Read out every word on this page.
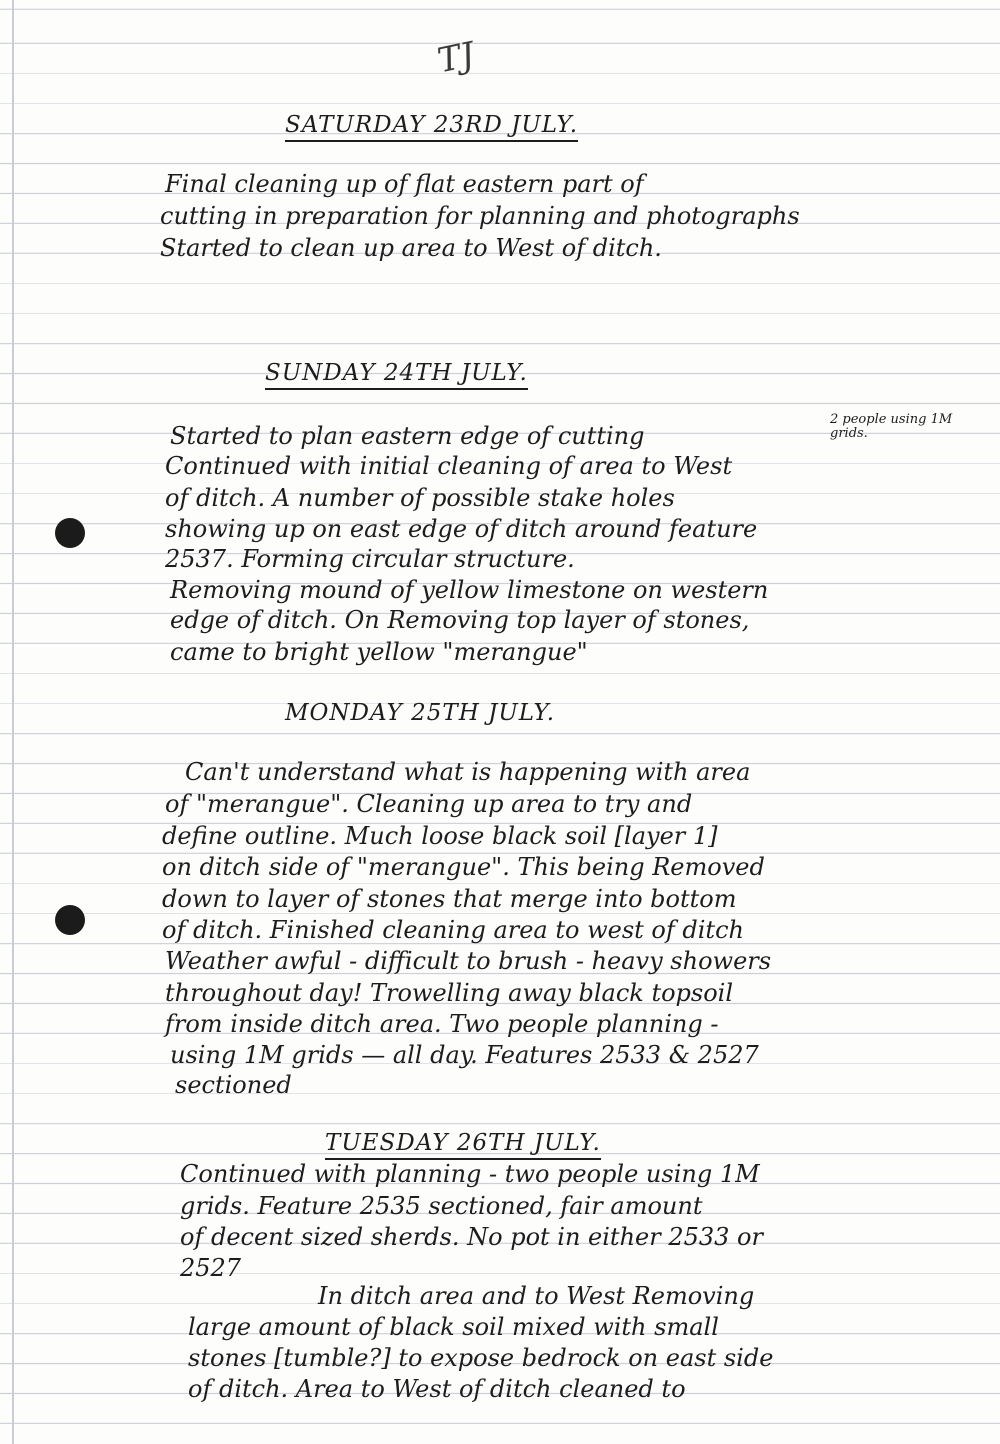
TJ
SATURDAY 23RD JULY.
Final cleaning up of flat eastern part of
cutting in preparation for planning and photographs
Started to clean up area to West of ditch.
SUNDAY 24TH JULY.
2 people using 1M grids.
Started to plan eastern edge of cutting
Continued with initial cleaning of area to West
of ditch. A number of possible stake holes
showing up on east edge of ditch around feature
2537. Forming circular structure.
Removing mound of yellow limestone on western
edge of ditch. On Removing top layer of stones,
came to bright yellow "merangue"
MONDAY 25TH JULY.
Can't understand what is happening with area
of "merangue". Cleaning up area to try and
define outline. Much loose black soil [layer 1]
on ditch side of "merangue". This being Removed
down to layer of stones that merge into bottom
of ditch. Finished cleaning area to west of ditch
Weather awful - difficult to brush - heavy showers
throughout day! Trowelling away black topsoil
from inside ditch area. Two people planning -
using 1M grids — all day. Features 2533 & 2527
sectioned
TUESDAY 26TH JULY.
Continued with planning - two people using 1M
grids. Feature 2535 sectioned, fair amount
of decent sized sherds. No pot in either 2533 or
2527
In ditch area and to West Removing
large amount of black soil mixed with small
stones [tumble?] to expose bedrock on east side
of ditch. Area to West of ditch cleaned to
